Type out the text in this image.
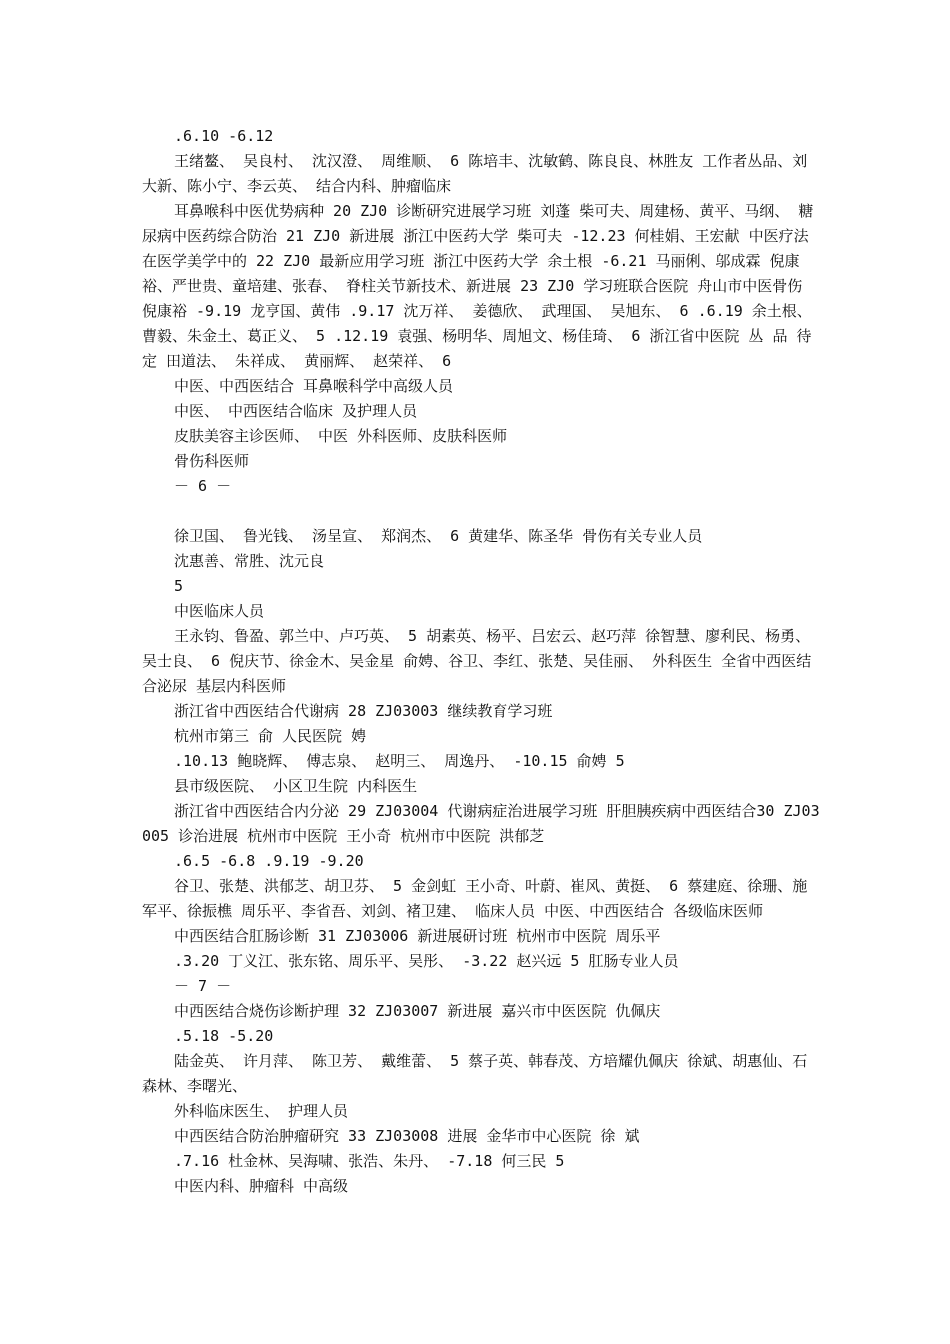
.6.10 -6.12

王绪鳌、 吴良村、 沈汉澄、 周维顺、 6 陈培丰、沈敏鹤、陈良良、林胜友 工作者丛品、刘大新、陈小宁、李云英、 结合内科、肿瘤临床

耳鼻喉科中医优势病种 20 ZJ0 诊断研究进展学习班 刘蓬 柴可夫、周建杨、黄平、马纲、 糖尿病中医药综合防治 21 ZJ0 新进展 浙江中医药大学 柴可夫 -12.23 何桂娟、王宏献 中医疗法在医学美学中的 22 ZJ0 最新应用学习班 浙江中医药大学 余土根 -6.21 马丽俐、邬成霖 倪康裕、严世贵、童培建、张春、 脊柱关节新技术、新进展 23 ZJ0 学习班联合医院 舟山市中医骨伤 倪康裕 -9.19 龙亨国、黄伟 .9.17 沈万祥、 姜德欣、 武理国、 吴旭东、 6 .6.19 余土根、曹毅、朱金土、葛正义、 5 .12.19 袁强、杨明华、周旭文、杨佳琦、 6 浙江省中医院 丛 品 待定 田道法、 朱祥成、 黄丽辉、 赵荣祥、 6

中医、中西医结合 耳鼻喉科学中高级人员

中医、 中西医结合临床 及护理人员

皮肤美容主诊医师、 中医 外科医师、皮肤科医师

骨伤科医师

－ 6 －

徐卫国、 鲁光钱、 汤呈宣、 郑润杰、 6 黄建华、陈圣华 骨伤有关专业人员

沈惠善、常胜、沈元良

5

中医临床人员

王永钧、鲁盈、郭兰中、卢巧英、 5 胡素英、杨平、吕宏云、赵巧萍 徐智慧、廖利民、杨勇、吴士良、 6 倪庆节、徐金木、吴金星 俞娉、谷卫、李红、张楚、吴佳丽、 外科医生 全省中西医结合泌尿 基层内科医师

浙江省中西医结合代谢病 28 ZJ03003 继续教育学习班

杭州市第三 俞 人民医院 娉

.10.13 鲍晓辉、 傅志泉、 赵明三、 周逸丹、 -10.15 俞娉 5

县市级医院、 小区卫生院 内科医生

浙江省中西医结合内分泌 29 ZJ03004 代谢病症治进展学习班 肝胆胰疾病中西医结合30 ZJ03005 诊治进展 杭州市中医院 王小奇 杭州市中医院 洪郁芝

.6.5 -6.8 .9.19 -9.20

谷卫、张楚、洪郁芝、胡卫芬、 5 金剑虹 王小奇、叶蔚、崔风、黄挺、 6 蔡建庭、徐珊、施军平、徐振樵 周乐平、李省吾、刘剑、褚卫建、 临床人员 中医、中西医结合 各级临床医师

中西医结合肛肠诊断 31 ZJ03006 新进展研讨班 杭州市中医院 周乐平

.3.20 丁义江、张东铭、周乐平、吴彤、 -3.22 赵兴远 5 肛肠专业人员

－ 7 －

中西医结合烧伤诊断护理 32 ZJ03007 新进展 嘉兴市中医医院 仇佩庆

.5.18 -5.20

陆金英、 许月萍、 陈卫芳、 戴维蕾、 5 蔡子英、韩春茂、方培耀仇佩庆 徐斌、胡惠仙、石森林、李曙光、

外科临床医生、 护理人员

中西医结合防治肿瘤研究 33 ZJ03008 进展 金华市中心医院 徐 斌

.7.16 杜金林、吴海啸、张浩、朱丹、 -7.18 何三民 5

中医内科、肿瘤科 中高级
